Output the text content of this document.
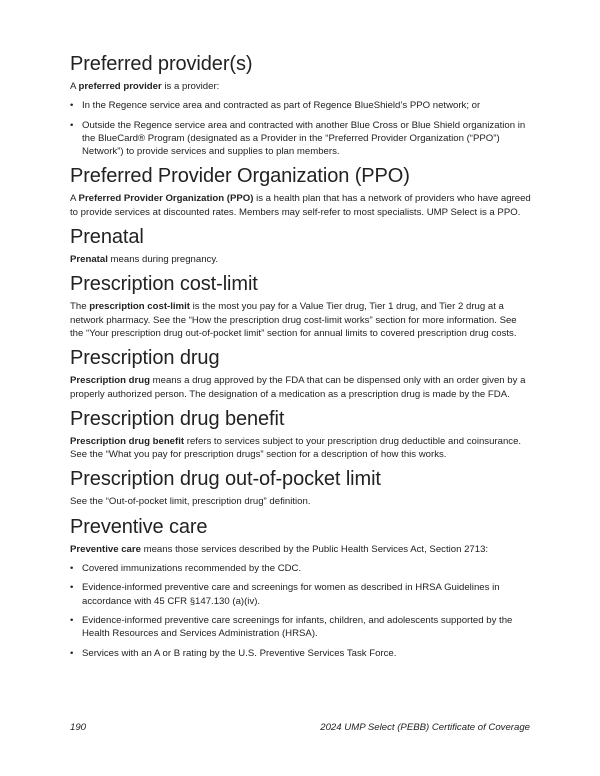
Preferred provider(s)

A preferred provider is a provider:

• In the Regence service area and contracted as part of Regence BlueShield’s PPO network; or
• Outside the Regence service area and contracted with another Blue Cross or Blue Shield organization in the BlueCard® Program (designated as a Provider in the “Preferred Provider Organization (“PPO”) Network”) to provide services and supplies to plan members.
Preferred Provider Organization (PPO)

A Preferred Provider Organization (PPO) is a health plan that has a network of providers who have agreed to provide services at discounted rates. Members may self-refer to most specialists. UMP Select is a PPO.

Prenatal

Prenatal means during pregnancy.

Prescription cost-limit

The prescription cost-limit is the most you pay for a Value Tier drug, Tier 1 drug, and Tier 2 drug at a network pharmacy. See the “How the prescription drug cost-limit works” section for more information. See the “Your prescription drug out-of-pocket limit” section for annual limits to covered prescription drug costs.

Prescription drug

Prescription drug means a drug approved by the FDA that can be dispensed only with an order given by a properly authorized person. The designation of a medication as a prescription drug is made by the FDA.

Prescription drug benefit

Prescription drug benefit refers to services subject to your prescription drug deductible and coinsurance. See the “What you pay for prescription drugs” section for a description of how this works.

Prescription drug out-of-pocket limit

See the “Out-of-pocket limit, prescription drug” definition.

Preventive care

Preventive care means those services described by the Public Health Services Act, Section 2713:

• Covered immunizations recommended by the CDC.
• Evidence-informed preventive care and screenings for women as described in HRSA Guidelines in accordance with 45 CFR §147.130 (a)(iv).
• Evidence-informed preventive care screenings for infants, children, and adolescents supported by the Health Resources and Services Administration (HRSA).
• Services with an A or B rating by the U.S. Preventive Services Task Force.
190	2024 UMP Select (PEBB) Certificate of Coverage
